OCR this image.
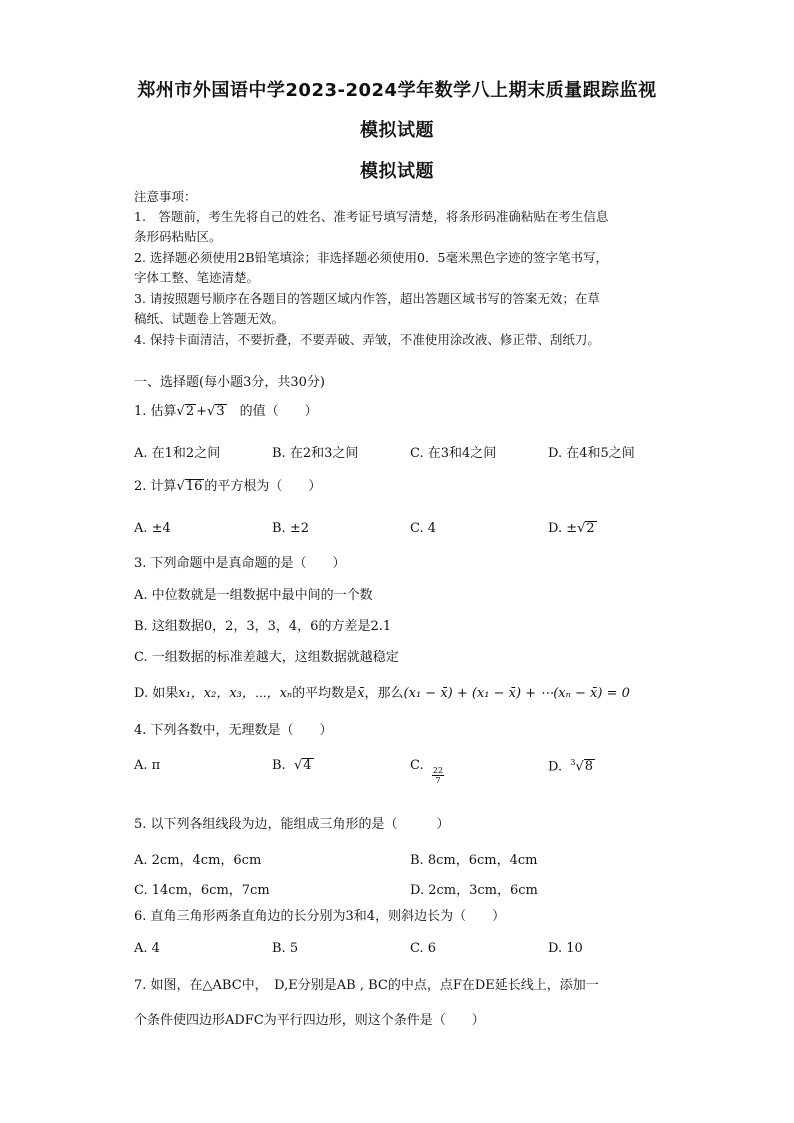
郑州市外国语中学2023-2024学年数学八上期末质量跟踪监视
模拟试题
模拟试题
注意事项：
1.　答题前，考生先将自己的姓名、准考证号填写清楚，将条形码准确粘贴在考生信息
条形码粘贴区。
2. 选择题必须使用2B铅笔填涂；非选择题必须使用0．5毫米黑色字迹的签字笔书写，
字体工整、笔迹清楚。
3. 请按照题号顺序在各题目的答题区域内作答，超出答题区域书写的答案无效；在草
稿纸、试题卷上答题无效。
4. 保持卡面清洁，不要折叠，不要弄破、弄皱，不准使用涂改液、修正带、刮纸刀。
一、选择题(每小题3分，共30分)
1. 估算√2 +√3　的值（　　）
A. 在1和2之间	B. 在2和3之间	C. 在3和4之间	D. 在4和5之间
2. 计算√16 的平方根为（　　）
A. ±4	B. ±2	C. 4	D. ±√2
3. 下列命题中是真命题的是（　　）
A. 中位数就是一组数据中最中间的一个数
B. 这组数据0，2，3，3，4，6的方差是2.1
C. 一组数据的标准差越大，这组数据就越稳定
D. 如果x₁，x₂，x₃，⋯，xₙ的平均数是x̄，那么(x₁ − x̄) + (x₁ − x̄) + ⋯(xₙ − x̄) = 0
4. 下列各数中，无理数是（　　）
A. π	B. √4	C.
$\frac{22}{7}$	D. $^3$√8
5. 以下列各组线段为边，能组成三角形的是（　　　）
A. 2cm，4cm，6cm	B. 8cm，6cm，4cm
C. 14cm，6cm，7cm	D. 2cm，3cm，6cm
6. 直角三角形两条直角边的长分别为3和4，则斜边长为（　　）
A. 4	B. 5	C. 6	D. 10
7. 如图，在△ABC中，　D,E分别是AB , BC的中点，点F在DE延长线上，添加一
个条件使四边形ADFC为平行四边形，则这个条件是（　　）
